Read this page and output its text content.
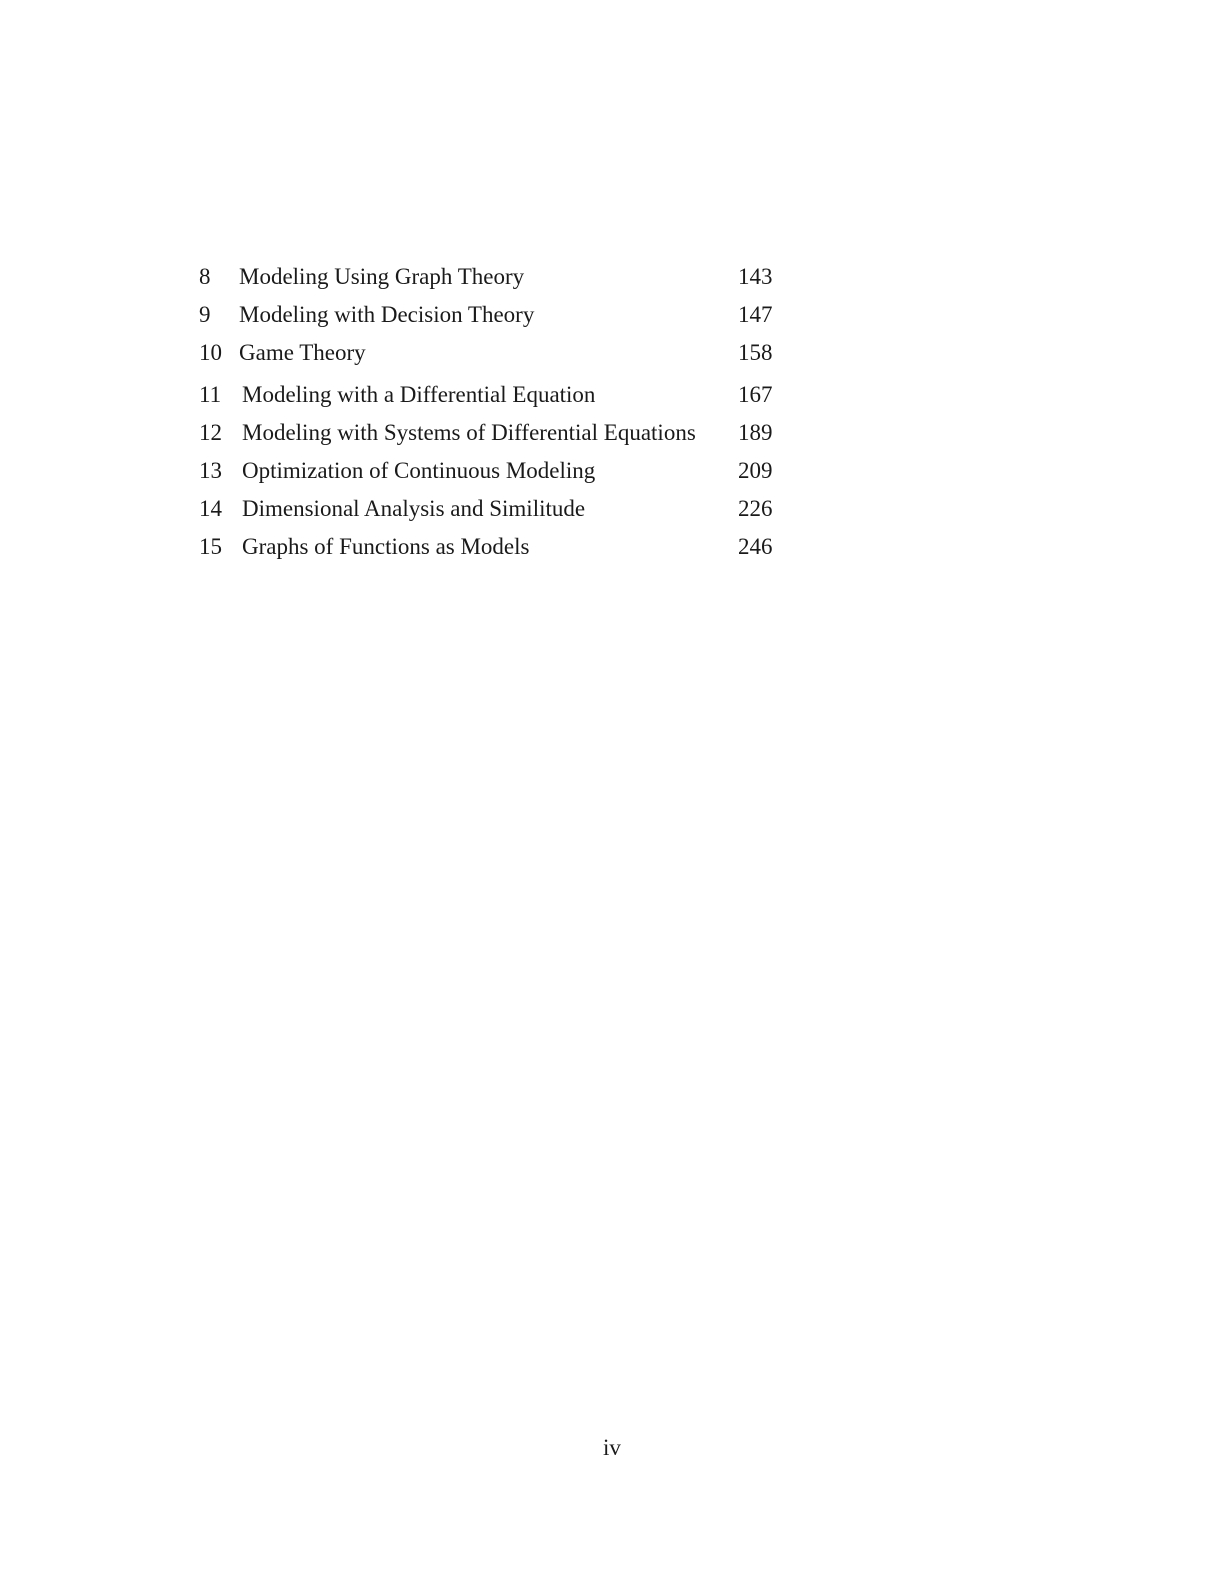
8 Modeling Using Graph Theory	143
9 Modeling with Decision Theory	147
10 Game Theory	158
11 Modeling with a Differential Equation	167
12 Modeling with Systems of Differential Equations 189
13 Optimization of Continuous Modeling	209
14 Dimensional Analysis and Similitude	226
15 Graphs of Functions as Models	246
iv
